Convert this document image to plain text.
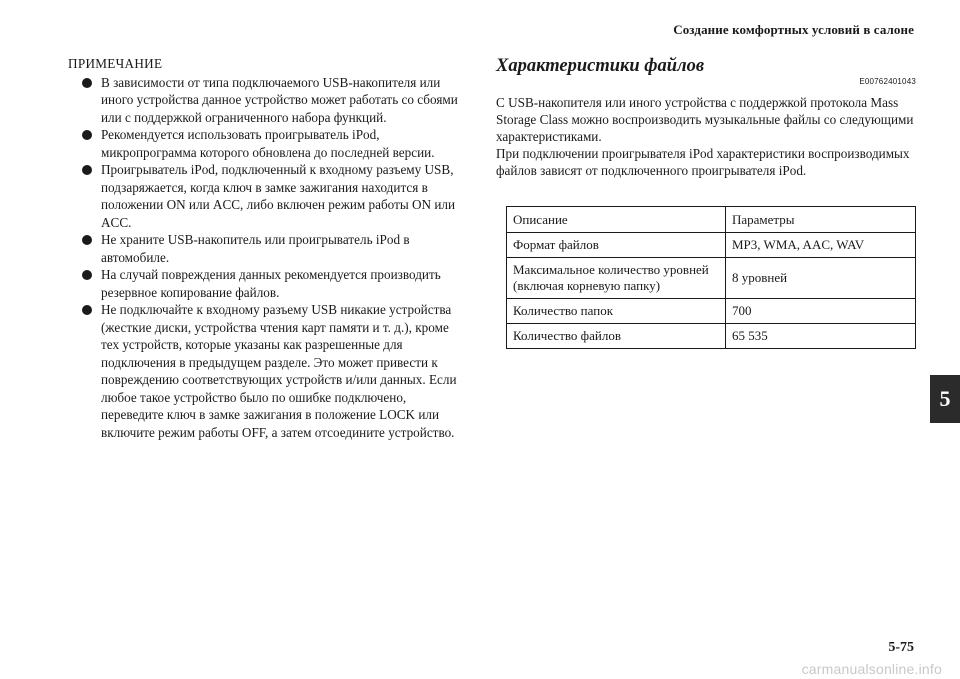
Создание комфортных условий в салоне
5
ПРИМЕЧАНИЕ
В зависимости от типа подключаемого USB-накопителя или иного устройства данное устройство может работать со сбоями или с поддержкой ограниченного набора функций.
Рекомендуется использовать проигрыватель iPod, микропрограмма которого обновлена до последней версии.
Проигрыватель iPod, подключенный к входному разъему USB, подзаряжается, когда ключ в замке зажигания находится в положении ON или ACC, либо включен режим работы ON или ACC.
Не храните USB-накопитель или проигрыватель iPod в автомобиле.
На случай повреждения данных рекомендуется производить резервное копирование файлов.
Не подключайте к входному разъему USB никакие устройства (жесткие диски, устройства чтения карт памяти и т. д.), кроме тех устройств, которые указаны как разрешенные для подключения в предыдущем разделе. Это может привести к повреждению соответствующих устройств и/или данных. Если любое такое устройство было по ошибке подключено, переведите ключ в замке зажигания в положение LOCK или включите режим работы OFF, а затем отсоедините устройство.
Характеристики файлов
E00762401043

С USB-накопителя или иного устройства с поддержкой протокола Mass Storage Class можно воспроизводить музыкальные файлы со следующими характеристиками.

При подключении проигрывателя iPod характеристики воспроизводимых файлов зависят от подключенного проигрывателя iPod.

Описание	Параметры
Формат файлов	MP3, WMA, AAC, WAV
Максимальное количество уровней (включая корневую папку)	8 уровней
Количество папок	700
Количество файлов	65 535
5-75
carmanualsonline.info
